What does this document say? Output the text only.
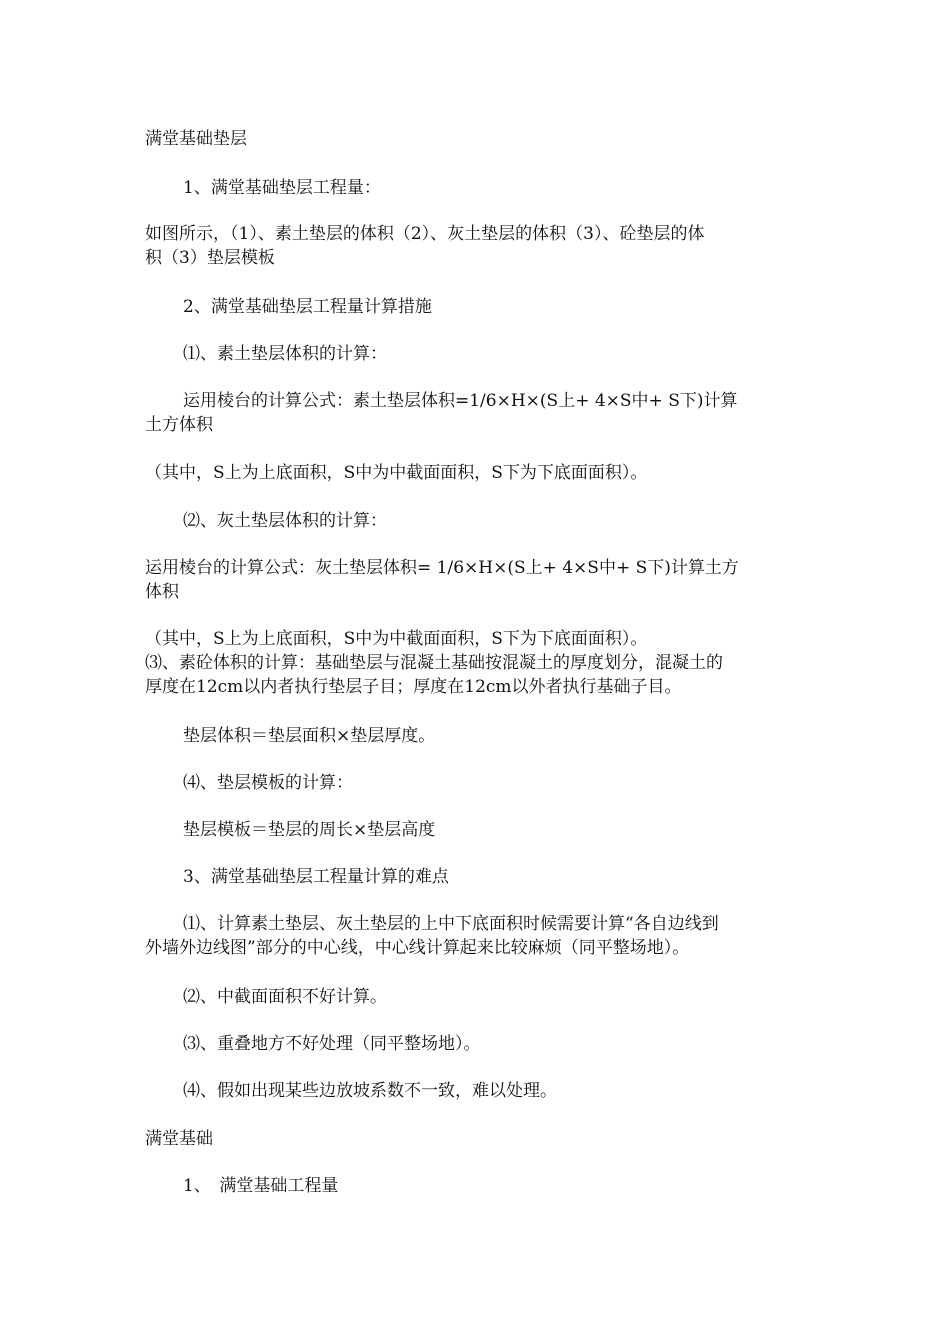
满堂基础垫层
1、满堂基础垫层工程量：
如图所示，（1）、素土垫层的体积（2）、灰土垫层的体积（3）、砼垫层的体
积（3）垫层模板
2、满堂基础垫层工程量计算措施
⑴、素土垫层体积的计算：
运用棱台的计算公式：素土垫层体积=1/6×H×(S上+ 4×S中+ S下)计算
土方体积
（其中，S上为上底面积，S中为中截面面积，S下为下底面面积）。
⑵、灰土垫层体积的计算：
运用棱台的计算公式：灰土垫层体积= 1/6×H×(S上+ 4×S中+ S下)计算土方
体积
（其中，S上为上底面积，S中为中截面面积，S下为下底面面积）。
⑶、素砼体积的计算：基础垫层与混凝土基础按混凝土的厚度划分，混凝土的
厚度在12cm以内者执行垫层子目；厚度在12cm以外者执行基础子目。
垫层体积＝垫层面积×垫层厚度。
⑷、垫层模板的计算：
垫层模板＝垫层的周长×垫层高度
3、满堂基础垫层工程量计算的难点
⑴、计算素土垫层、灰土垫层的上中下底面积时候需要计算“各自边线到
外墙外边线图”部分的中心线，中心线计算起来比较麻烦（同平整场地）。
⑵、中截面面积不好计算。
⑶、重叠地方不好处理（同平整场地）。
⑷、假如出现某些边放坡系数不一致，难以处理。
满堂基础
1、　满堂基础工程量
